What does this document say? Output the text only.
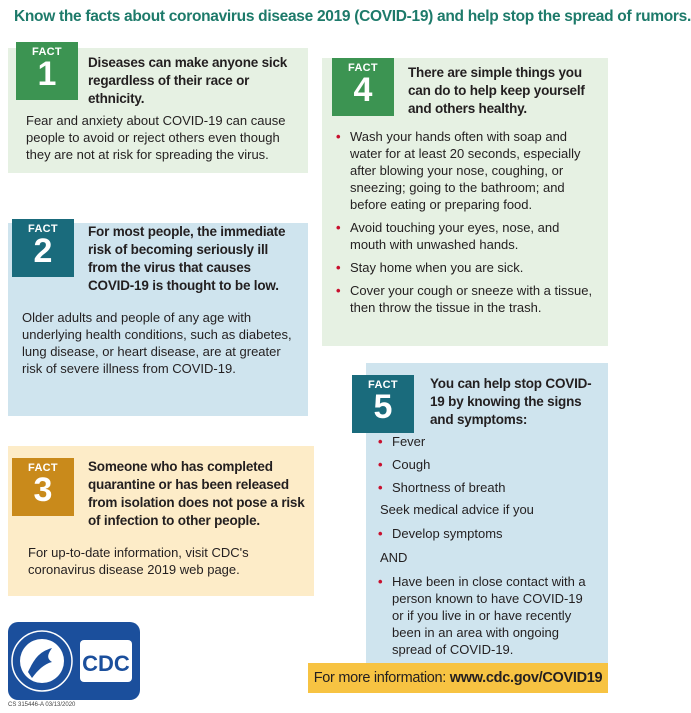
Know the facts about coronavirus disease 2019 (COVID-19) and help stop the spread of rumors.
FACT
1	Diseases can make anyone sick regardless of their race or ethnicity.
Fear and anxiety about COVID-19 can cause people to avoid or reject others even though they are not at risk for spreading the virus.
FACT
2
For most people, the immediate risk of becoming seriously ill from the virus that causes COVID-19 is thought to be low.
Older adults and people of any age with underlying health conditions, such as diabetes, lung disease, or heart disease, are at greater risk of severe illness from COVID-19.
FACT
3
Someone who has completed quarantine or has been released from isolation does not pose a risk of infection to other people.
For up-to-date information, visit CDC's coronavirus disease 2019 web page.
FACT
4	There are simple things you can do to help keep yourself and others healthy.
• Wash your hands often with soap and water for at least 20 seconds, especially after blowing your nose, coughing, or sneezing; going to the bathroom; and before eating or preparing food.
• Avoid touching your eyes, nose, and mouth with unwashed hands.
• Stay home when you are sick.
• Cover your cough or sneeze with a tissue, then throw the tissue in the trash.
FACT
5
You can help stop COVID-19 by knowing the signs and symptoms:
• Fever
• Cough
• Shortness of breath
Seek medical advice if you
• Develop symptoms
AND
• Have been in close contact with a person known to have COVID-19 or if you live in or have recently been in an area with ongoing spread of COVID-19.
For more information: www.cdc.gov/COVID19
CDC
CS 315446-A 03/13/2020
